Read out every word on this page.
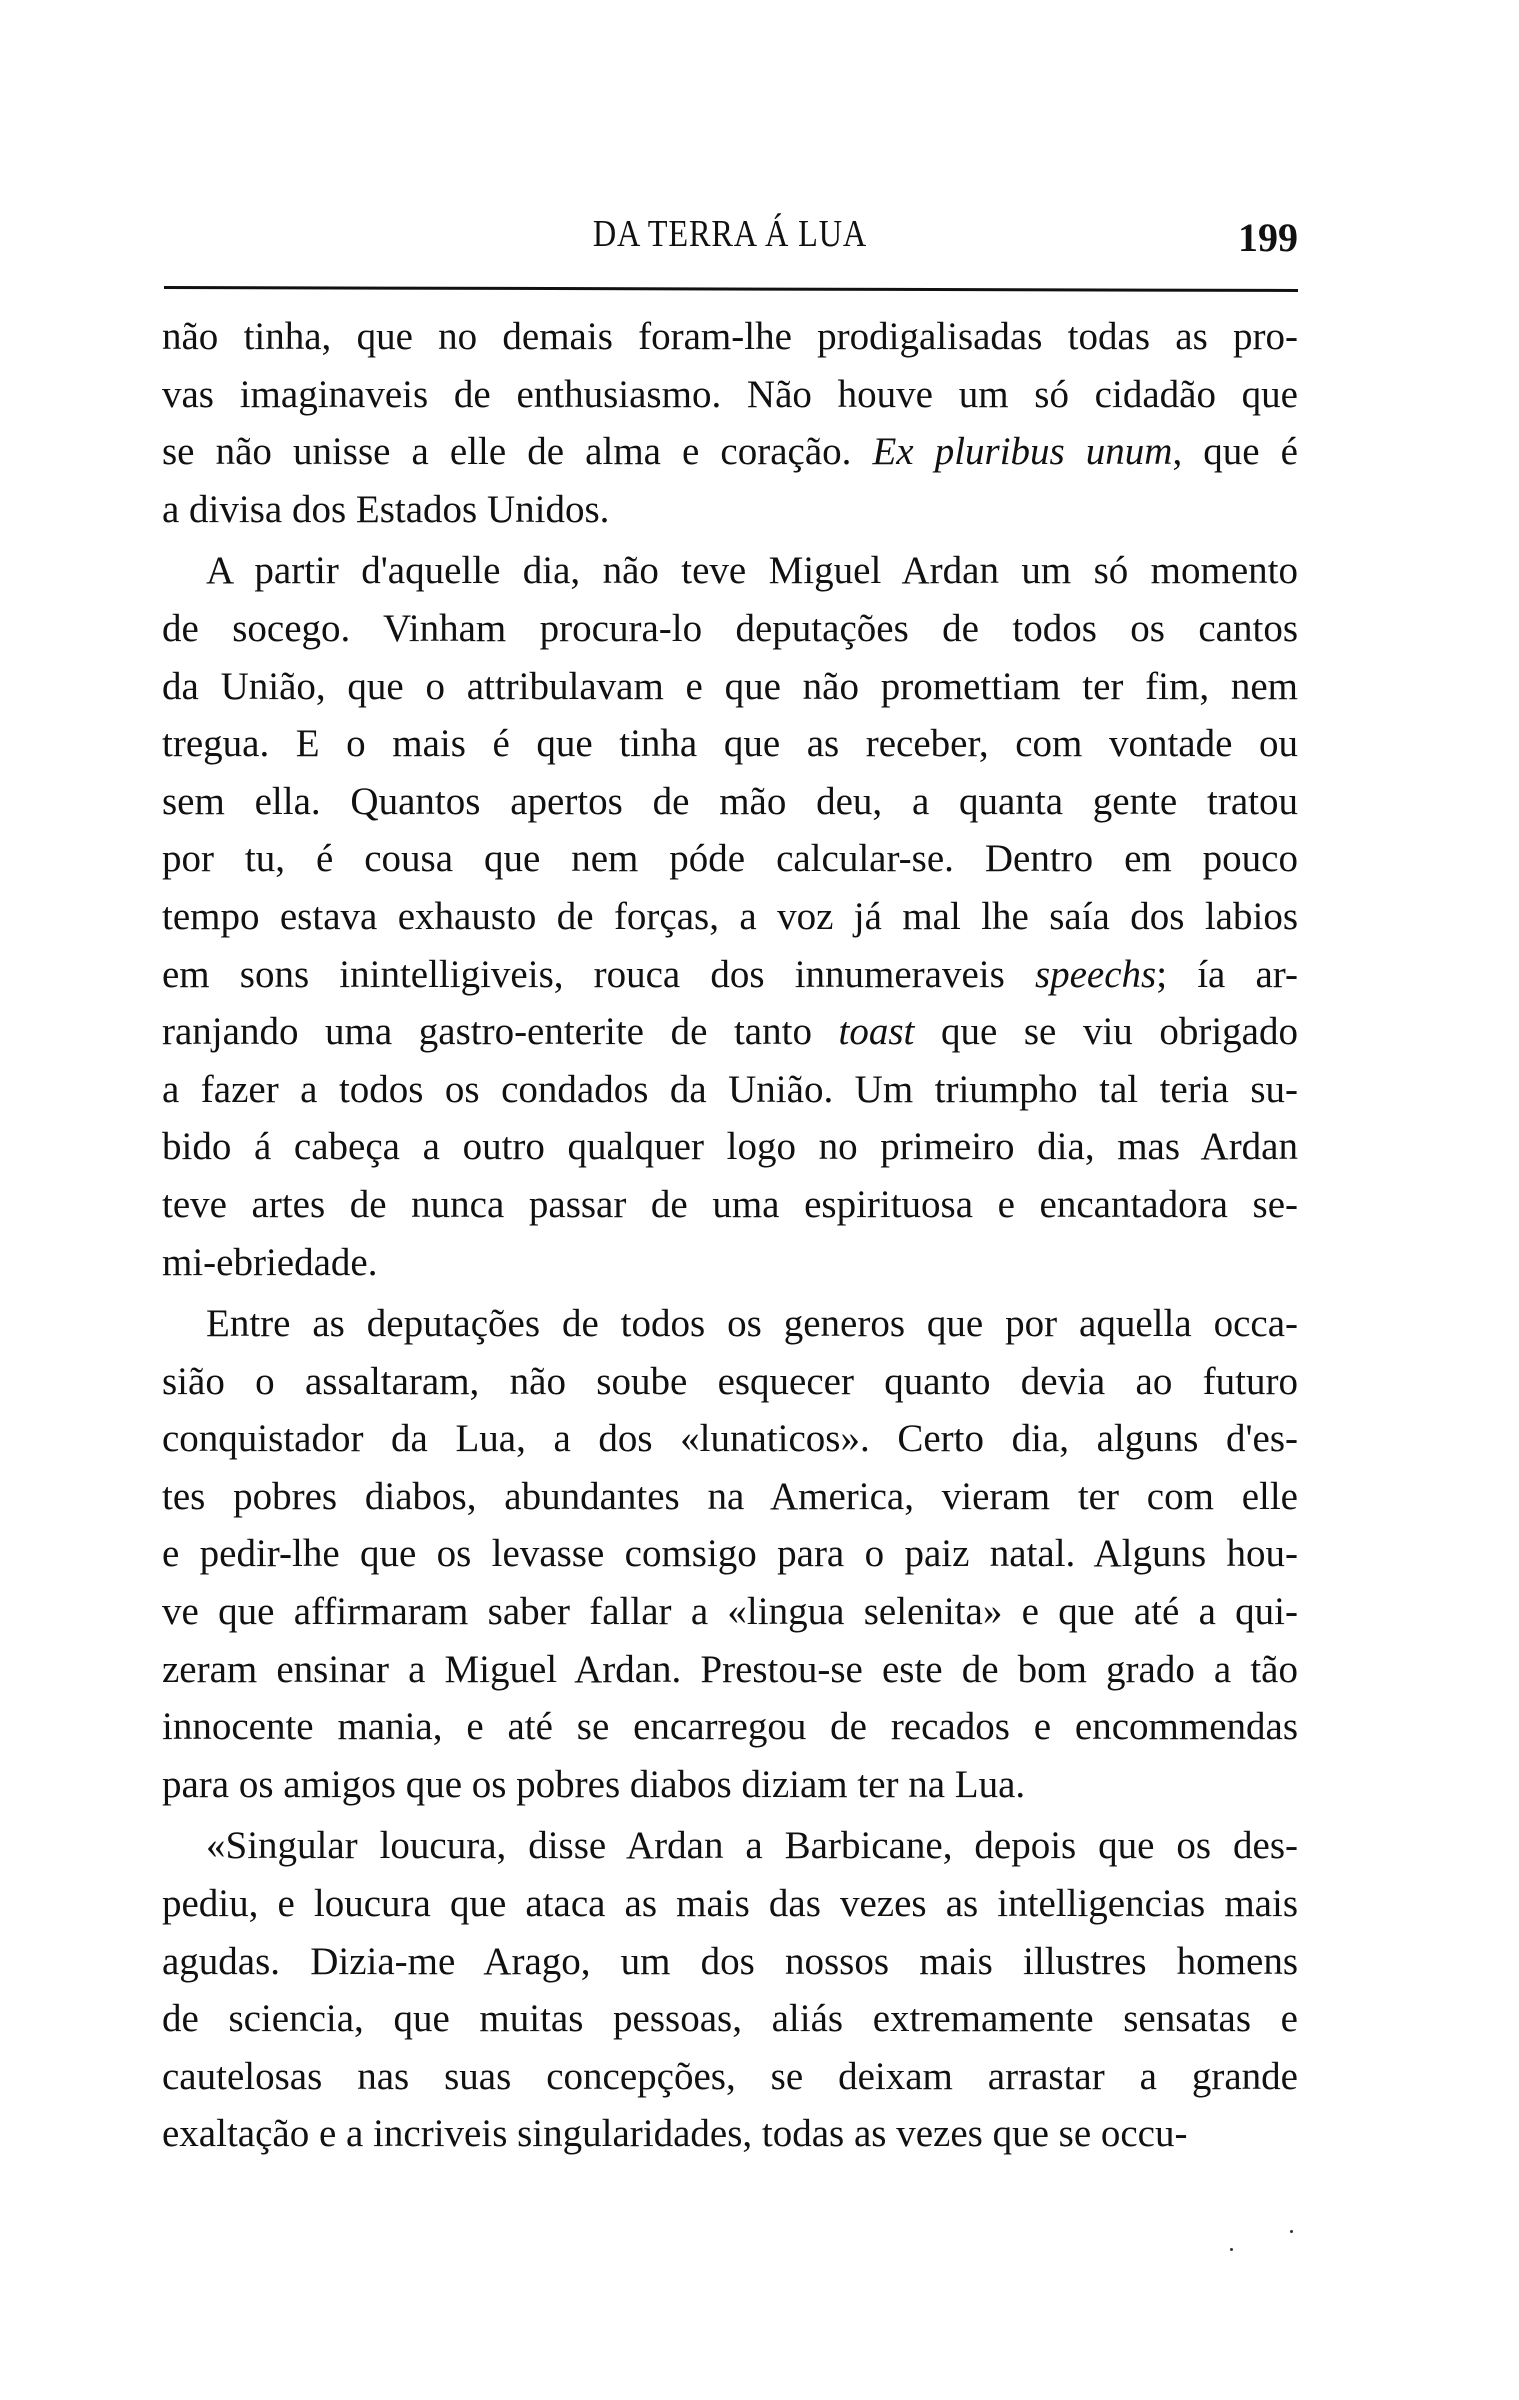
DA TERRA Á LUA	199
não tinha, que no demais foram-lhe prodigalisadas todas as pro-
vas imaginaveis de enthusiasmo. Não houve um só cidadão que
se não unisse a elle de alma e coração. Ex pluribus unum, que é
a divisa dos Estados Unidos.
A partir d'aquelle dia, não teve Miguel Ardan um só momento
de socego. Vinham procura-lo deputações de todos os cantos
da União, que o attribulavam e que não promettiam ter fim, nem
tregua. E o mais é que tinha que as receber, com vontade ou
sem ella. Quantos apertos de mão deu, a quanta gente tratou
por tu, é cousa que nem póde calcular-se. Dentro em pouco
tempo estava exhausto de forças, a voz já mal lhe saía dos labios
em sons inintelligiveis, rouca dos innumeraveis speechs; ía ar-
ranjando uma gastro-enterite de tanto toast que se viu obrigado
a fazer a todos os condados da União. Um triumpho tal teria su-
bido á cabeça a outro qualquer logo no primeiro dia, mas Ardan
teve artes de nunca passar de uma espirituosa e encantadora se-
mi-ebriedade.
Entre as deputações de todos os generos que por aquella occa-
sião o assaltaram, não soube esquecer quanto devia ao futuro
conquistador da Lua, a dos «lunaticos». Certo dia, alguns d'es-
tes pobres diabos, abundantes na America, vieram ter com elle
e pedir-lhe que os levasse comsigo para o paiz natal. Alguns hou-
ve que affirmaram saber fallar a «lingua selenita» e que até a qui-
zeram ensinar a Miguel Ardan. Prestou-se este de bom grado a tão
innocente mania, e até se encarregou de recados e encommendas
para os amigos que os pobres diabos diziam ter na Lua.
«Singular loucura, disse Ardan a Barbicane, depois que os des-
pediu, e loucura que ataca as mais das vezes as intelligencias mais
agudas. Dizia-me Arago, um dos nossos mais illustres homens
de sciencia, que muitas pessoas, aliás extremamente sensatas e
cautelosas nas suas concepções, se deixam arrastar a grande
exaltação e a incriveis singularidades, todas as vezes que se occu-
